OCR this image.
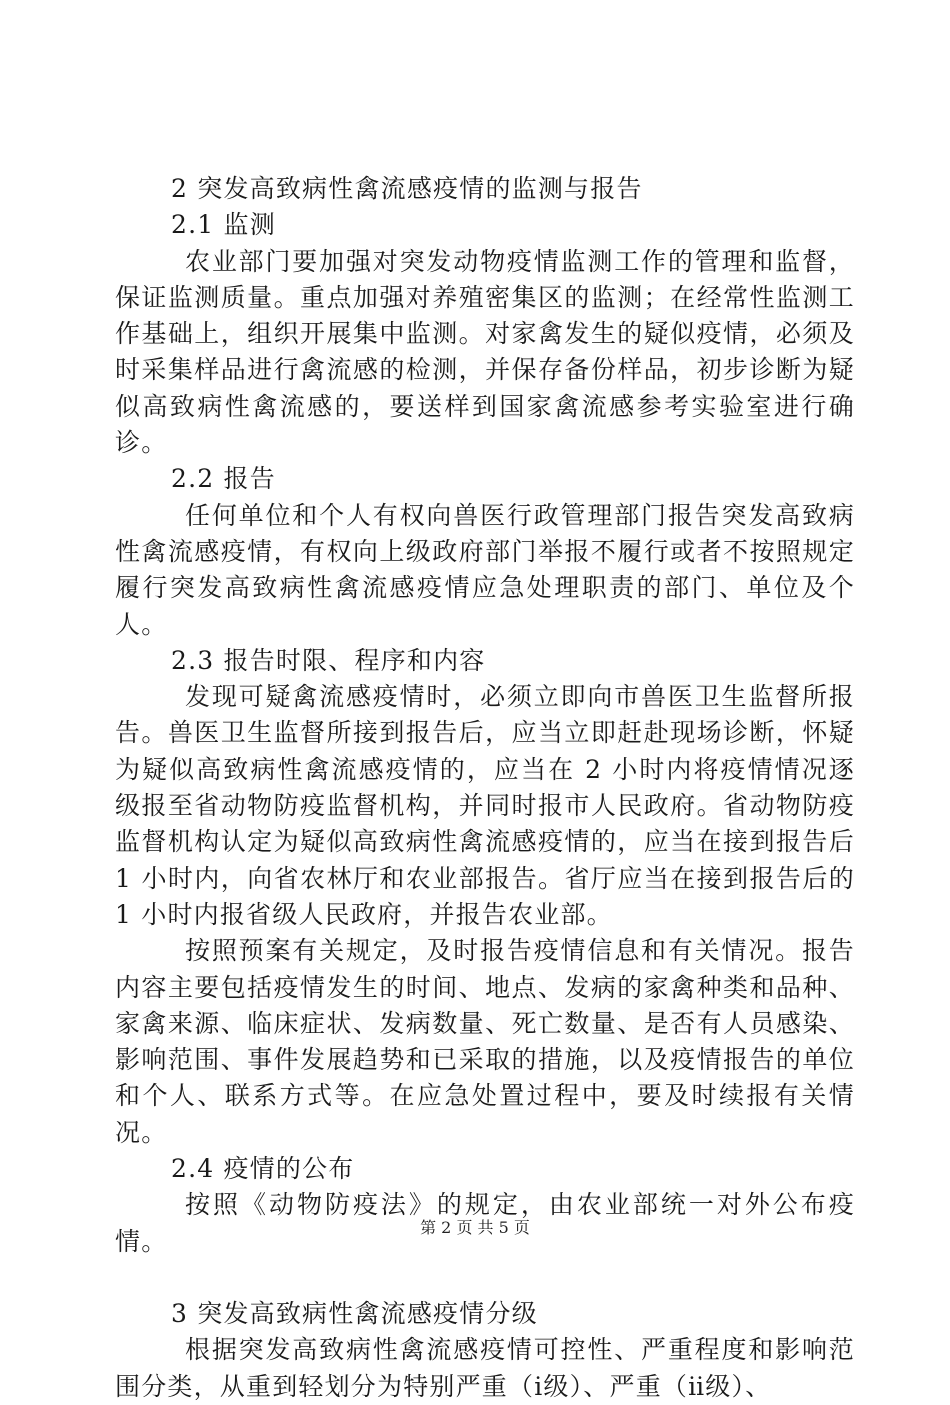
2 突发高致病性禽流感疫情的监测与报告

2.1 监测

农业部门要加强对突发动物疫情监测工作的管理和监督，保证监测质量。重点加强对养殖密集区的监测；在经常性监测工作基础上，组织开展集中监测。对家禽发生的疑似疫情，必须及时采集样品进行禽流感的检测，并保存备份样品，初步诊断为疑似高致病性禽流感的，要送样到国家禽流感参考实验室进行确诊。

2.2 报告

任何单位和个人有权向兽医行政管理部门报告突发高致病性禽流感疫情，有权向上级政府部门举报不履行或者不按照规定履行突发高致病性禽流感疫情应急处理职责的部门、单位及个人。

2.3 报告时限、程序和内容

发现可疑禽流感疫情时，必须立即向市兽医卫生监督所报告。兽医卫生监督所接到报告后，应当立即赶赴现场诊断，怀疑为疑似高致病性禽流感疫情的，应当在 2 小时内将疫情情况逐级报至省动物防疫监督机构，并同时报市人民政府。省动物防疫监督机构认定为疑似高致病性禽流感疫情的，应当在接到报告后 1 小时内，向省农林厅和农业部报告。省厅应当在接到报告后的 1 小时内报省级人民政府，并报告农业部。

按照预案有关规定，及时报告疫情信息和有关情况。报告内容主要包括疫情发生的时间、地点、发病的家禽种类和品种、家禽来源、临床症状、发病数量、死亡数量、是否有人员感染、影响范围、事件发展趋势和已采取的措施，以及疫情报告的单位和个人、联系方式等。在应急处置过程中，要及时续报有关情况。

2.4 疫情的公布

按照《动物防疫法》的规定，由农业部统一对外公布疫情。

3 突发高致病性禽流感疫情分级

根据突发高致病性禽流感疫情可控性、严重程度和影响范围分类，从重到轻划分为特别严重（ⅰ级）、严重（ⅱ级）、

第 2 页 共 5 页
